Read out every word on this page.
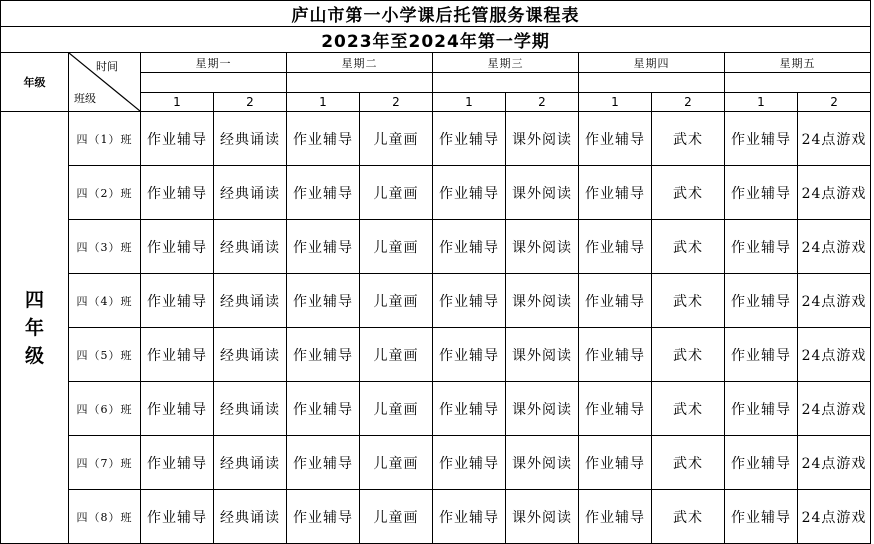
庐山市第一小学课后托管服务课程表											
2023年至2024年第一学期											
年级	时间
班级	星期一		星期二		星期三		星期四		星期五	

		1	2	1	2	1	2	1	2	1	2
四
年
级	四（1）班	作业辅导	经典诵读	作业辅导	儿童画	作业辅导	课外阅读	作业辅导	武术	作业辅导	24点游戏
	四（2）班	作业辅导	经典诵读	作业辅导	儿童画	作业辅导	课外阅读	作业辅导	武术	作业辅导	24点游戏
	四（3）班	作业辅导	经典诵读	作业辅导	儿童画	作业辅导	课外阅读	作业辅导	武术	作业辅导	24点游戏
	四（4）班	作业辅导	经典诵读	作业辅导	儿童画	作业辅导	课外阅读	作业辅导	武术	作业辅导	24点游戏
	四（5）班	作业辅导	经典诵读	作业辅导	儿童画	作业辅导	课外阅读	作业辅导	武术	作业辅导	24点游戏
	四（6）班	作业辅导	经典诵读	作业辅导	儿童画	作业辅导	课外阅读	作业辅导	武术	作业辅导	24点游戏
	四（7）班	作业辅导	经典诵读	作业辅导	儿童画	作业辅导	课外阅读	作业辅导	武术	作业辅导	24点游戏
	四（8）班	作业辅导	经典诵读	作业辅导	儿童画	作业辅导	课外阅读	作业辅导	武术	作业辅导	24点游戏
